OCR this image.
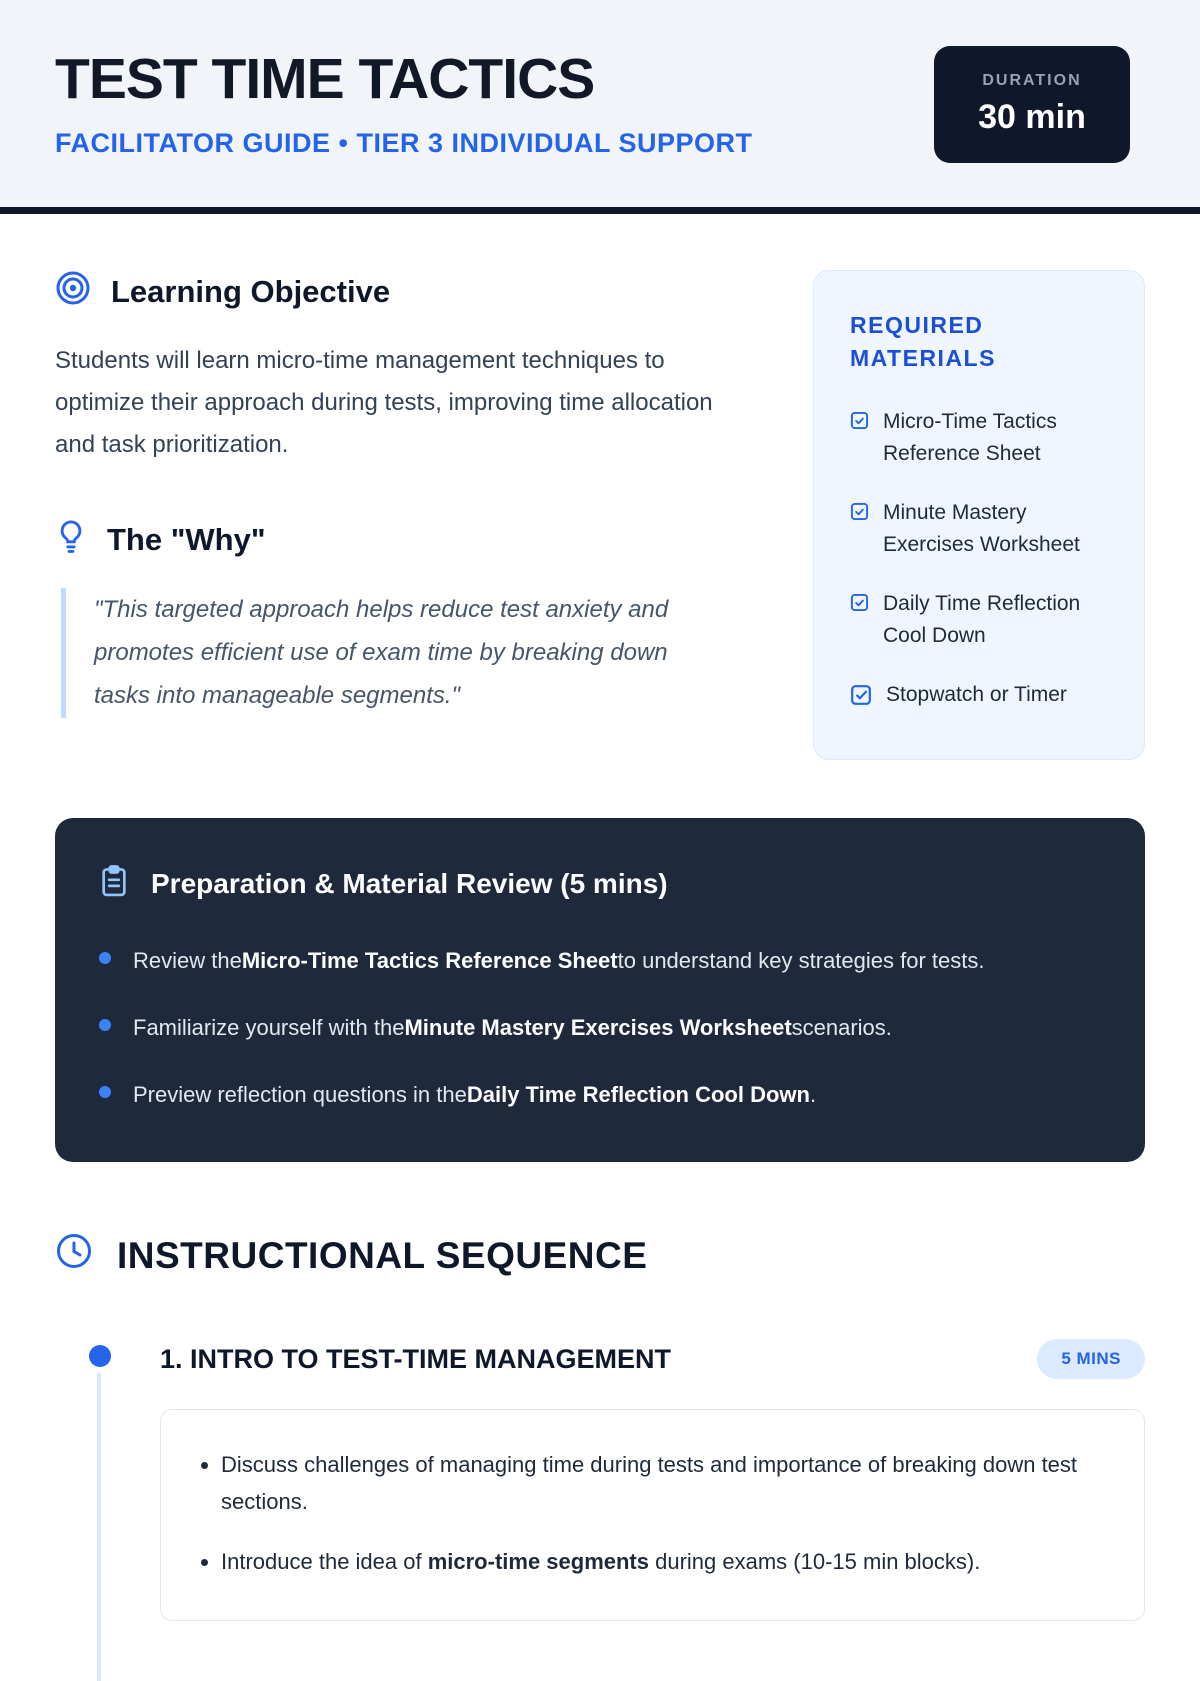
TEST TIME TACTICS
FACILITATOR GUIDE • TIER 3 INDIVIDUAL SUPPORT
DURATION
30 min
Learning Objective

Students will learn micro-time management techniques to optimize their approach during tests, improving time allocation and task prioritization.

The "Why"
"This targeted approach helps reduce test anxiety and promotes efficient use of exam time by breaking down tasks into manageable segments."
REQUIRED MATERIALS
Micro-Time Tactics Reference Sheet
Minute Mastery Exercises Worksheet
Daily Time Reflection Cool Down
Stopwatch or Timer
Preparation & Material Review (5 mins)

Review theMicro-Time Tactics Reference Sheetto understand key strategies for tests.

Familiarize yourself with theMinute Mastery Exercises Worksheetscenarios.

Preview reflection questions in theDaily Time Reflection Cool Down.

INSTRUCTIONAL SEQUENCE
1. INTRO TO TEST-TIME MANAGEMENT	5 MINS
• Discuss challenges of managing time during tests and importance of breaking down test sections.
• Introduce the idea of micro-time segments during exams (10-15 min blocks).
